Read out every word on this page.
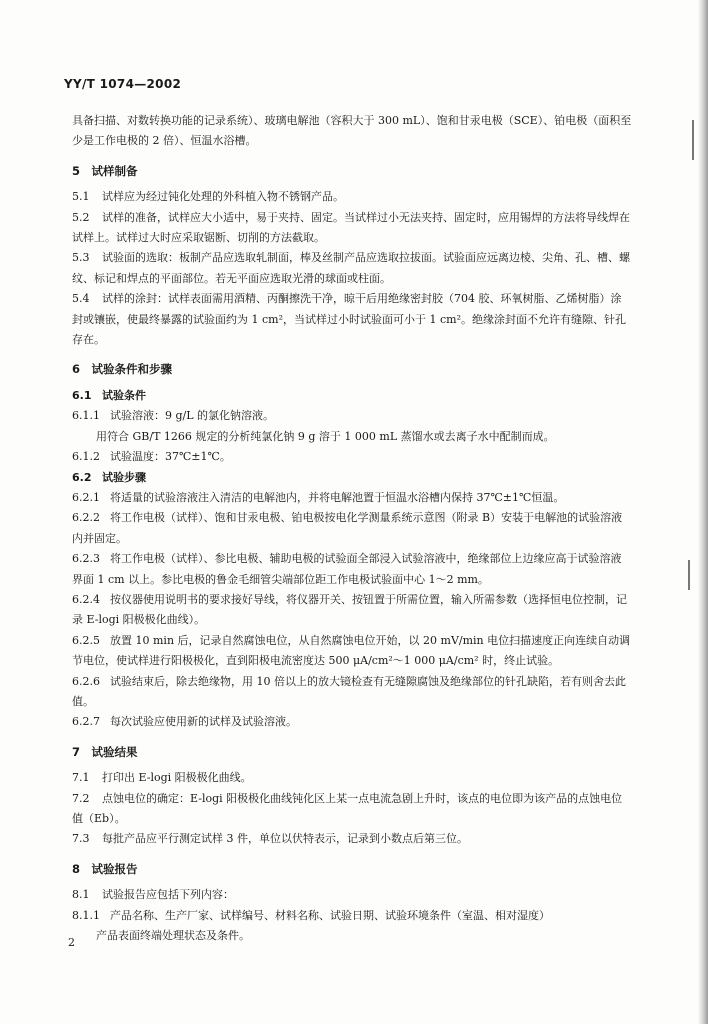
YY/T 1074—2002

具备扫描、对数转换功能的记录系统）、玻璃电解池（容积大于 300 mL）、饱和甘汞电极（SCE）、铂电极（面积至少是工作电极的 2 倍）、恒温水浴槽。

5　试样制备

5.1 试样应为经过钝化处理的外科植入物不锈钢产品。

5.2 试样的准备，试样应大小适中，易于夹持、固定。当试样过小无法夹持、固定时，应用锡焊的方法将导线焊在试样上。试样过大时应采取锯断、切削的方法截取。

5.3 试验面的选取：板制产品应选取轧制面，棒及丝制产品应选取拉拔面。试验面应远离边棱、尖角、孔、槽、螺纹、标记和焊点的平面部位。若无平面应选取光滑的球面或柱面。

5.4 试样的涂封：试样表面需用酒精、丙酮擦洗干净，晾干后用绝缘密封胶（704 胶、环氧树脂、乙烯树脂）涂封或镶嵌，使最终暴露的试验面约为 1 cm²，当试样过小时试验面可小于 1 cm²。绝缘涂封面不允许有缝隙、针孔存在。

6　试验条件和步骤

6.1 试验条件

6.1.1 试验溶液：9 g/L 的氯化钠溶液。

用符合 GB/T 1266 规定的分析纯氯化钠 9 g 溶于 1 000 mL 蒸馏水或去离子水中配制而成。

6.1.2 试验温度：37℃±1℃。

6.2 试验步骤

6.2.1 将适量的试验溶液注入清洁的电解池内，并将电解池置于恒温水浴槽内保持 37℃±1℃恒温。

6.2.2 将工作电极（试样）、饱和甘汞电极、铂电极按电化学测量系统示意图（附录 B）安装于电解池的试验溶液内并固定。

6.2.3 将工作电极（试样）、参比电极、辅助电极的试验面全部浸入试验溶液中，绝缘部位上边缘应高于试验溶液界面 1 cm 以上。参比电极的鲁金毛细管尖端部位距工作电极试验面中心 1～2 mm。

6.2.4 按仪器使用说明书的要求接好导线，将仪器开关、按钮置于所需位置，输入所需参数（选择恒电位控制，记录 E-logi 阳极极化曲线）。

6.2.5 放置 10 min 后，记录自然腐蚀电位，从自然腐蚀电位开始，以 20 mV/min 电位扫描速度正向连续自动调节电位，使试样进行阳极极化，直到阳极电流密度达 500 μA/cm²～1 000 μA/cm² 时，终止试验。

6.2.6 试验结束后，除去绝缘物，用 10 倍以上的放大镜检查有无缝隙腐蚀及绝缘部位的针孔缺陷，若有则舍去此值。

6.2.7 每次试验应使用新的试样及试验溶液。

7　试验结果

7.1 打印出 E-logi 阳极极化曲线。

7.2 点蚀电位的确定：E-logi 阳极极化曲线钝化区上某一点电流急剧上升时，该点的电位即为该产品的点蚀电位值（Eb）。

7.3 每批产品应平行测定试样 3 件，单位以伏特表示，记录到小数点后第三位。

8　试验报告

8.1 试验报告应包括下列内容：

8.1.1 产品名称、生产厂家、试样编号、材料名称、试验日期、试验环境条件（室温、相对湿度）

产品表面终端处理状态及条件。

2
